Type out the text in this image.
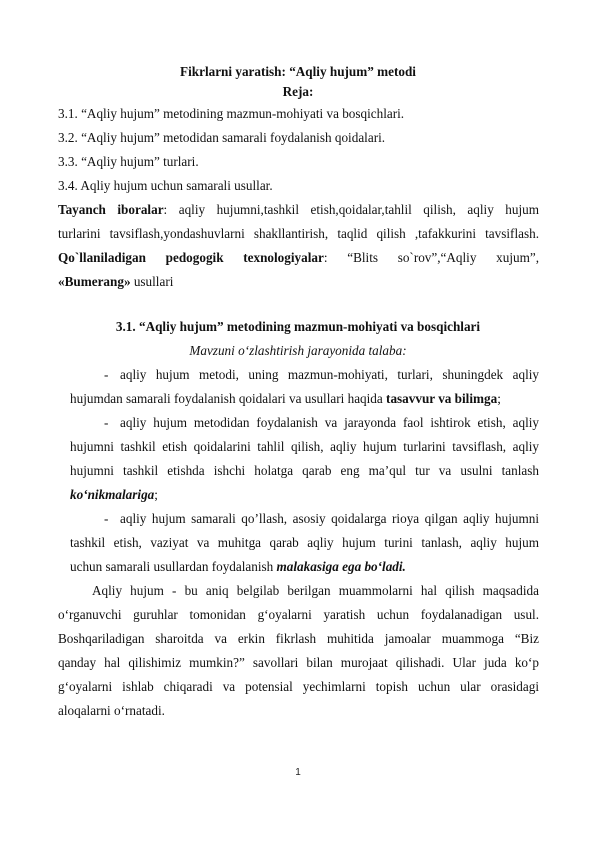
Fikrlarni yaratish: “Aqliy hujum” metodi
Reja:
3.1. “Aqliy hujum” metodining mazmun-mohiyati va bosqichlari.
3.2. “Aqliy hujum” metodidan samarali foydalanish qoidalari.
3.3. “Aqliy hujum” turlari.
3.4. Aqliy hujum uchun samarali usullar.
Tayanch iboralar: aqliy hujumni,tashkil etish,qoidalar,tahlil qilish, aqliy hujum
turlarini tavsiflash,yondashuvlarni shakllantirish, taqlid qilish ,tafakkurini tavsiflash.
Qo`llaniladigan pedogogik texnologiyalar: “Blits so`rov”,“Aqliy xujum”,
«Bumerang» usullari
3.1. “Aqliy hujum” metodining mazmun-mohiyati va bosqichlari
Mavzuni o‘zlashtirish jarayonida talaba:
- aqliy hujum metodi, uning mazmun-mohiyati, turlari, shuningdek aqliy
hujumdan samarali foydalanish qoidalari va usullari haqida tasavvur va bilimga;
- aqliy hujum metodidan foydalanish va jarayonda faol ishtirok etish, aqliy
hujumni tashkil etish qoidalarini tahlil qilish, aqliy hujum turlarini tavsiflash, aqliy
hujumni tashkil etishda ishchi holatga qarab eng ma’qul tur va usulni tanlash
ko‘nikmalariga;
- aqliy hujum samarali qo’llash, asosiy qoidalarga rioya qilgan aqliy hujumni
tashkil etish, vaziyat va muhitga qarab aqliy hujum turini tanlash, aqliy hujum
uchun samarali usullardan foydalanish malakasiga ega bo‘ladi.
Aqliy hujum - bu aniq belgilab berilgan muammolarni hal qilish maqsadida
o‘rganuvchi guruhlar tomonidan g‘oyalarni yaratish uchun foydalanadigan usul.
Boshqariladigan sharoitda va erkin fikrlash muhitida jamoalar muammoga “Biz
qanday hal qilishimiz mumkin?” savollari bilan murojaat qilishadi. Ular juda ko‘p
g‘oyalarni ishlab chiqaradi va potensial yechimlarni topish uchun ular orasidagi
aloqalarni o‘rnatadi.
1
